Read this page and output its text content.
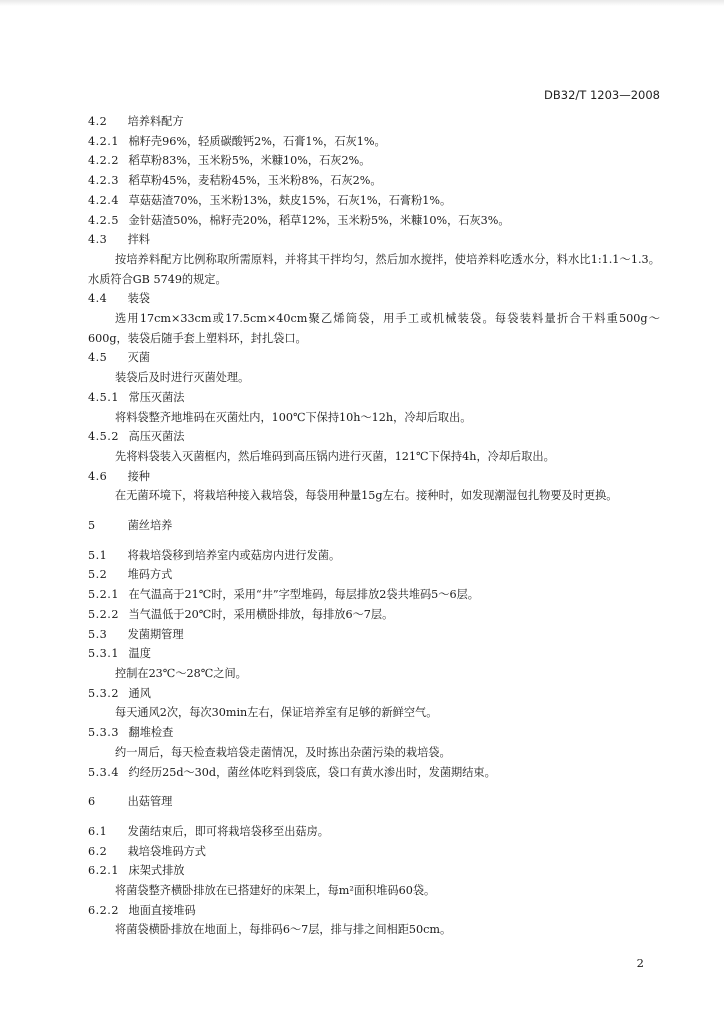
DB32/T 1203—2008
4.2 培养料配方
4.2.1 棉籽壳96%，轻质碳酸钙2%，石膏1%，石灰1%。
4.2.2 稻草粉83%，玉米粉5%，米糠10%，石灰2%。
4.2.3 稻草粉45%，麦秸粉45%，玉米粉8%，石灰2%。
4.2.4 草菇菇渣70%，玉米粉13%，麸皮15%，石灰1%，石膏粉1%。
4.2.5 金针菇渣50%，棉籽壳20%，稻草12%，玉米粉5%，米糠10%，石灰3%。
4.3 拌料
按培养料配方比例称取所需原料，并将其干拌均匀，然后加水搅拌，使培养料吃透水分，料水比1:1.1～1.3。水质符合GB 5749的规定。
4.4 装袋
选用17cm×33cm或17.5cm×40cm聚乙烯筒袋，用手工或机械装袋。每袋装料量折合干料重500g～600g，装袋后随手套上塑料环，封扎袋口。
4.5 灭菌
装袋后及时进行灭菌处理。
4.5.1 常压灭菌法
将料袋整齐地堆码在灭菌灶内，100℃下保持10h～12h，冷却后取出。
4.5.2 高压灭菌法
先将料袋装入灭菌框内，然后堆码到高压锅内进行灭菌，121℃下保持4h，冷却后取出。
4.6 接种
在无菌环境下，将栽培种接入栽培袋，每袋用种量15g左右。接种时，如发现潮湿包扎物要及时更换。
5	菌丝培养
5.1 将栽培袋移到培养室内或菇房内进行发菌。
5.2 堆码方式
5.2.1 在气温高于21℃时，采用“井”字型堆码，每层排放2袋共堆码5～6层。
5.2.2 当气温低于20℃时，采用横卧排放，每排放6～7层。
5.3 发菌期管理
5.3.1 温度
控制在23℃～28℃之间。
5.3.2 通风
每天通风2次，每次30min左右，保证培养室有足够的新鲜空气。
5.3.3 翻堆检查
约一周后，每天检查栽培袋走菌情况，及时拣出杂菌污染的栽培袋。
5.3.4 约经历25d～30d，菌丝体吃料到袋底，袋口有黄水渗出时，发菌期结束。
6	出菇管理
6.1 发菌结束后，即可将栽培袋移至出菇房。
6.2 栽培袋堆码方式
6.2.1 床架式排放
将菌袋整齐横卧排放在已搭建好的床架上，每m²面积堆码60袋。
6.2.2 地面直接堆码
将菌袋横卧排放在地面上，每排码6～7层，排与排之间相距50cm。
2
